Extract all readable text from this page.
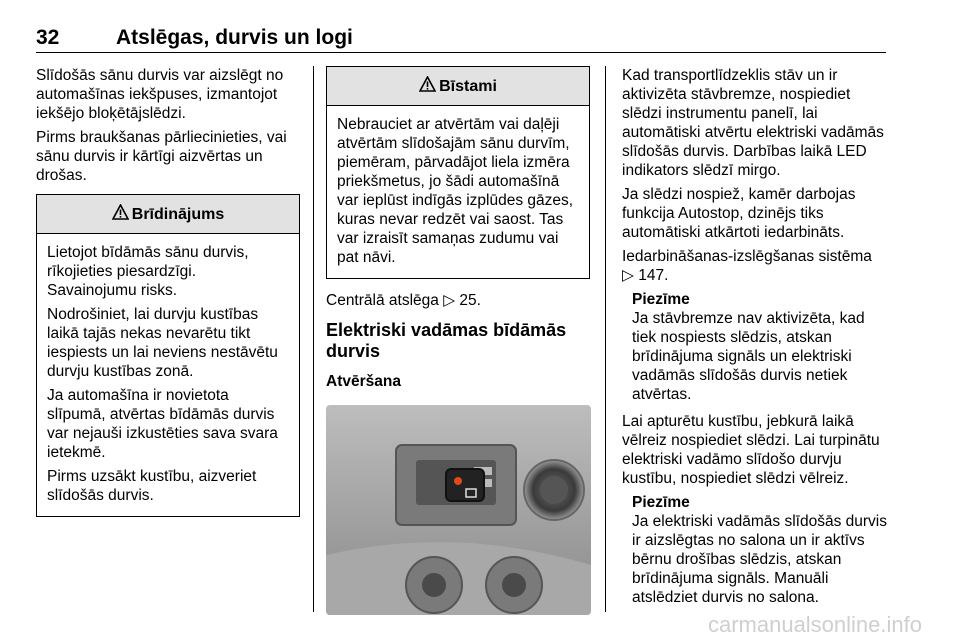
32	Atslēgas, durvis un logi

Slīdošās sānu durvis var aizslēgt no automašīnas iekšpuses, izmantojot iekšējo bloķētājslēdzi.

Pirms braukšanas pārliecinieties, vai sānu durvis ir kārtīgi aizvērtas un drošas.

Brīdinājums

Lietojot bīdāmās sānu durvis, rīkojieties piesardzīgi. Savainojumu risks.

Nodrošiniet, lai durvju kustības laikā tajās nekas nevarētu tikt iespiests un lai neviens nestāvētu durvju kustības zonā.

Ja automašīna ir novietota slīpumā, atvērtas bīdāmās durvis var nejauši izkustēties sava svara ietekmē.

Pirms uzsākt kustību, aizveriet slīdošās durvis.

Bīstami

Nebrauciet ar atvērtām vai daļēji atvērtām slīdošajām sānu durvīm, piemēram, pārvadājot liela izmēra priekšmetus, jo šādi automašīnā var ieplūst indīgās izplūdes gāzes, kuras nevar redzēt vai saost. Tas var izraisīt samaņas zudumu vai pat nāvi.

Centrālā atslēga ▷ 25.

Elektriski vadāmas bīdāmās durvis
Atvēršana

Kad transportlīdzeklis stāv un ir aktivizēta stāvbremze, nospiediet slēdzi instrumentu panelī, lai automātiski atvērtu elektriski vadāmās slīdošās durvis. Darbības laikā LED indikators slēdzī mirgo.

Ja slēdzi nospiež, kamēr darbojas funkcija Autostop, dzinējs tiks automātiski atkārtoti iedarbināts.

Iedarbināšanas-izslēgšanas sistēma
▷ 147.

Piezīme
Ja stāvbremze nav aktivizēta, kad tiek nospiests slēdzis, atskan brīdinājuma signāls un elektriski vadāmās slīdošās durvis netiek atvērtas.

Lai apturētu kustību, jebkurā laikā vēlreiz nospiediet slēdzi. Lai turpinātu elektriski vadāmo slīdošo durvju kustību, nospiediet slēdzi vēlreiz.

Piezīme
Ja elektriski vadāmās slīdošās durvis ir aizslēgtas no salona un ir aktīvs bērnu drošības slēdzis, atskan brīdinājuma signāls. Manuāli atslēdziet durvis no salona.
carmanualsonline.info
